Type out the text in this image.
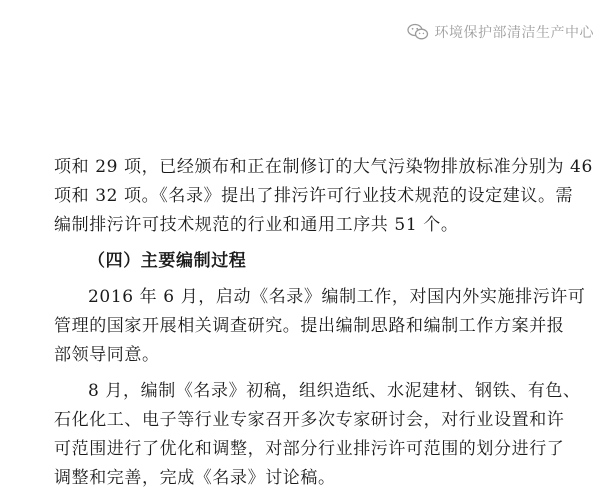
环境保护部清洁生产中心
项和 29 项，已经颁布和正在制修订的大气污染物排放标准分别为 46
项和 32 项。《名录》提出了排污许可行业技术规范的设定建议。需
编制排污许可技术规范的行业和通用工序共 51 个。
（四）主要编制过程
2016 年 6 月，启动《名录》编制工作，对国内外实施排污许可
管理的国家开展相关调查研究。提出编制思路和编制工作方案并报
部领导同意。
8 月，编制《名录》初稿，组织造纸、水泥建材、钢铁、有色、
石化化工、电子等行业专家召开多次专家研讨会，对行业设置和许
可范围进行了优化和调整，对部分行业排污许可范围的划分进行了
调整和完善，完成《名录》讨论稿。
